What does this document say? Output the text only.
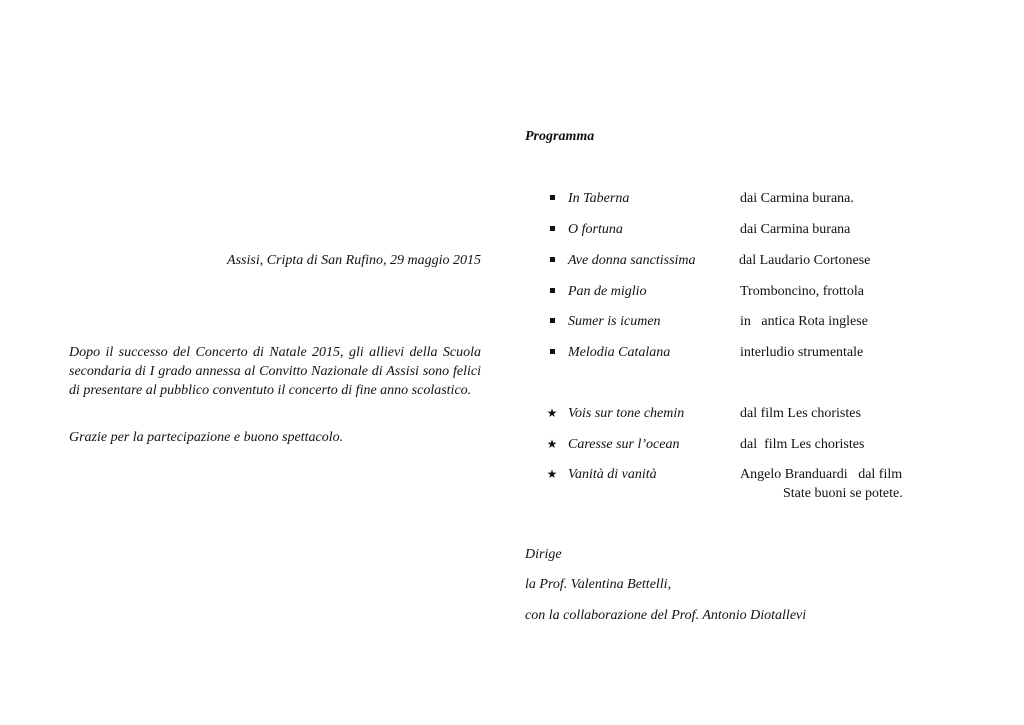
Assisi, Cripta di San Rufino, 29 maggio 2015

Dopo il successo del Concerto di Natale 2015, gli allievi della Scuola secondaria di I grado annessa al Convitto Nazionale di Assisi sono felici di presentare al pubblico conventuto il concerto di fine anno scolastico.

Grazie per la partecipazione e buono spettacolo.
Programma
In Taberna	dai Carmina burana.
O fortuna	dai Carmina burana
Ave donna sanctissima	dal Laudario Cortonese
Pan de miglio	Tromboncino, frottola
Sumer is icumen	in   antica Rota inglese
Melodia Catalana	interludio strumentale
★ Vois sur tone chemin	dal film Les choristes
★ Caresse sur l’ocean	dal  film Les choristes
★ Vanità di vanità	Angelo Branduardi   dal film
State buoni se potete.
Dirige
la Prof. Valentina Bettelli,
con la collaborazione del Prof. Antonio Diotallevi
